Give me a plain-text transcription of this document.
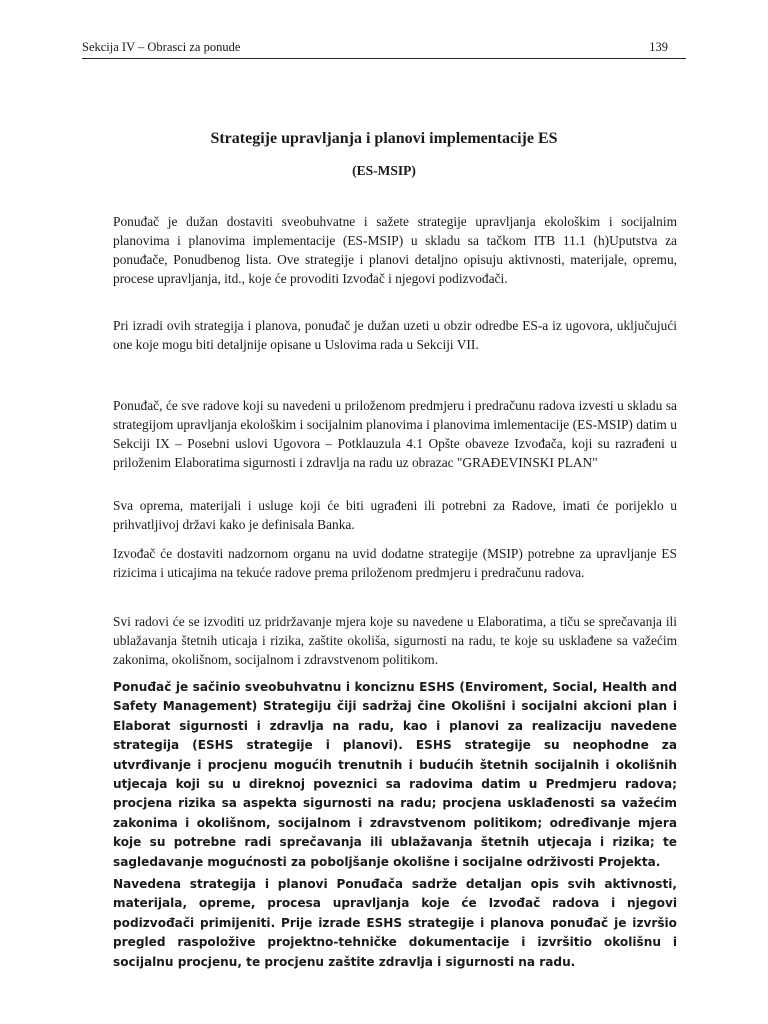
Sekcija IV – Obrasci za ponude	139
Strategije upravljanja i planovi implementacije ES
(ES-MSIP)

Ponuđač je dužan dostaviti sveobuhvatne i sažete strategije upravljanja ekološkim i socijalnim planovima i planovima implementacije (ES-MSIP) u skladu sa tačkom ITB 11.1 (h)Uputstva za ponuđače, Ponudbenog lista. Ove strategije i planovi detaljno opisuju aktivnosti, materijale, opremu, procese upravljanja, itd., koje će provoditi Izvođač i njegovi podizvođači.

Pri izradi ovih strategija i planova, ponuđač je dužan uzeti u obzir odredbe ES-a iz ugovora, uključujući one koje mogu biti detaljnije opisane u Uslovima rada u Sekciji VII.

Ponuđač, će sve radove koji su navedeni u priloženom predmjeru i predračunu radova izvesti u skladu sa strategijom upravljanja ekološkim i socijalnim planovima i planovima imlementacije (ES-MSIP) datim u Sekciji IX – Posebni uslovi Ugovora – Potklauzula 4.1 Opšte obaveze Izvođača, koji su razrađeni u priloženim Elaboratima sigurnosti i zdravlja na radu uz obrazac "GRAĐEVINSKI PLAN"

Sva oprema, materijali i usluge koji će biti ugrađeni ili potrebni za Radove, imati će porijeklo u prihvatljivoj državi kako je definisala Banka.

Izvođač će dostaviti nadzornom organu na uvid dodatne strategije (MSIP) potrebne za upravljanje ES rizicima i uticajima na tekuće radove prema priloženom predmjeru i predračunu radova.

Svi radovi će se izvoditi uz pridržavanje mjera koje su navedene u Elaboratima, a tiču se sprečavanja ili ublažavanja štetnih uticaja i rizika, zaštite okoliša, sigurnosti na radu, te koje su usklađene sa važećim zakonima, okolišnom, socijalnom i zdravstvenom politikom.

Ponuđač je sačinio sveobuhvatnu i konciznu ESHS (Enviroment, Social, Health and Safety Management) Strategiju čiji sadržaj čine Okolišni i socijalni akcioni plan i Elaborat sigurnosti i zdravlja na radu, kao i planovi za realizaciju navedene strategija (ESHS strategije i planovi). ESHS strategije su neophodne za utvrđivanje i procjenu mogućih trenutnih i budućih štetnih socijalnih i okolišnih utjecaja koji su u direknoj poveznici sa radovima datim u Predmjeru radova; procjena rizika sa aspekta sigurnosti na radu; procjena usklađenosti sa važećim zakonima i okolišnom, socijalnom i zdravstvenom politikom; određivanje mjera koje su potrebne radi sprečavanja ili ublažavanja štetnih utjecaja i rizika; te sagledavanje mogućnosti za poboljšanje okolišne i socijalne održivosti Projekta.

Navedena strategija i planovi Ponuđača sadrže detaljan opis svih aktivnosti, materijala, opreme, procesa upravljanja koje će Izvođač radova i njegovi podizvođači primijeniti. Prije izrade ESHS strategije i planova ponuđač je izvršio pregled raspoložive projektno-tehničke dokumentacije i izvršitio okolišnu i socijalnu procjenu, te procjenu zaštite zdravlja i sigurnosti na radu.
